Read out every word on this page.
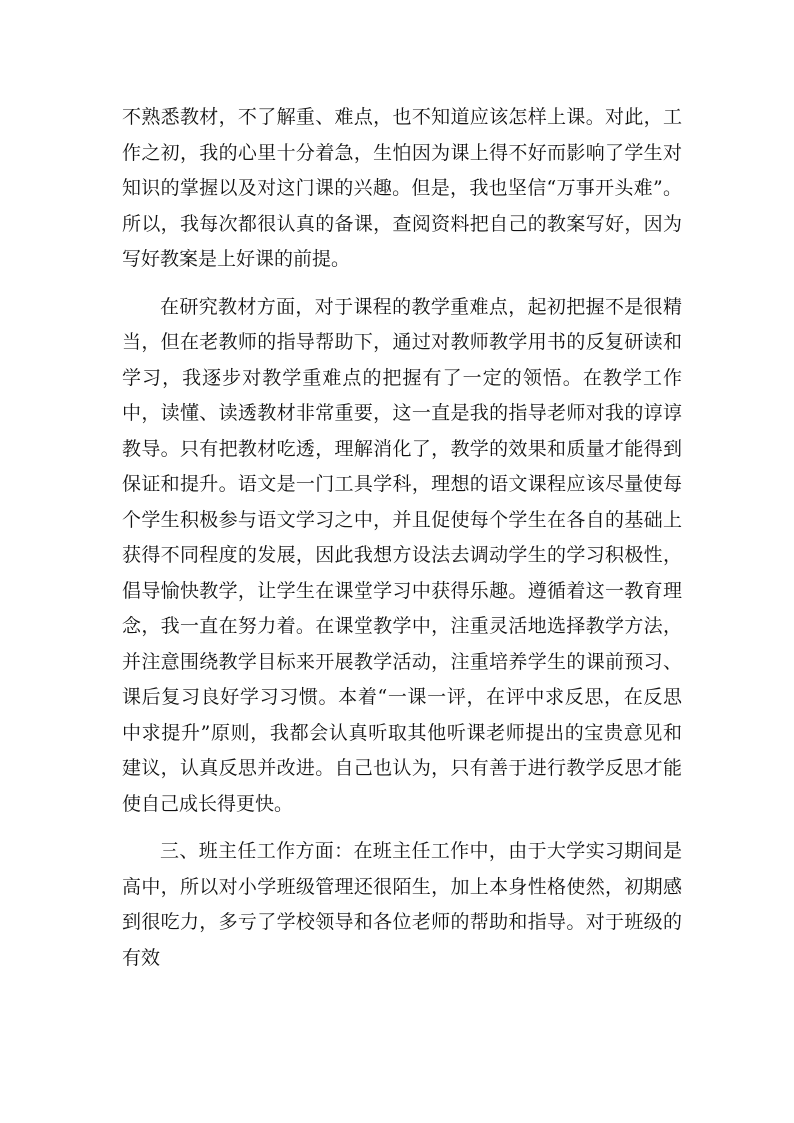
不熟悉教材，不了解重、难点，也不知道应该怎样上课。对此，工作之初，我的心里十分着急，生怕因为课上得不好而影响了学生对知识的掌握以及对这门课的兴趣。但是，我也坚信“万事开头难”。所以，我每次都很认真的备课，查阅资料把自己的教案写好，因为写好教案是上好课的前提。

在研究教材方面，对于课程的教学重难点，起初把握不是很精当，但在老教师的指导帮助下，通过对教师教学用书的反复研读和学习，我逐步对教学重难点的把握有了一定的领悟。在教学工作中，读懂、读透教材非常重要，这一直是我的指导老师对我的谆谆教导。只有把教材吃透，理解消化了，教学的效果和质量才能得到保证和提升。语文是一门工具学科，理想的语文课程应该尽量使每个学生积极参与语文学习之中，并且促使每个学生在各自的基础上获得不同程度的发展，因此我想方设法去调动学生的学习积极性，倡导愉快教学，让学生在课堂学习中获得乐趣。遵循着这一教育理念，我一直在努力着。在课堂教学中，注重灵活地选择教学方法，并注意围绕教学目标来开展教学活动，注重培养学生的课前预习、课后复习良好学习习惯。本着“一课一评，在评中求反思，在反思中求提升”原则，我都会认真听取其他听课老师提出的宝贵意见和建议，认真反思并改进。自己也认为，只有善于进行教学反思才能使自己成长得更快。

三、班主任工作方面：在班主任工作中，由于大学实习期间是高中，所以对小学班级管理还很陌生，加上本身性格使然，初期感到很吃力，多亏了学校领导和各位老师的帮助和指导。对于班级的有效
